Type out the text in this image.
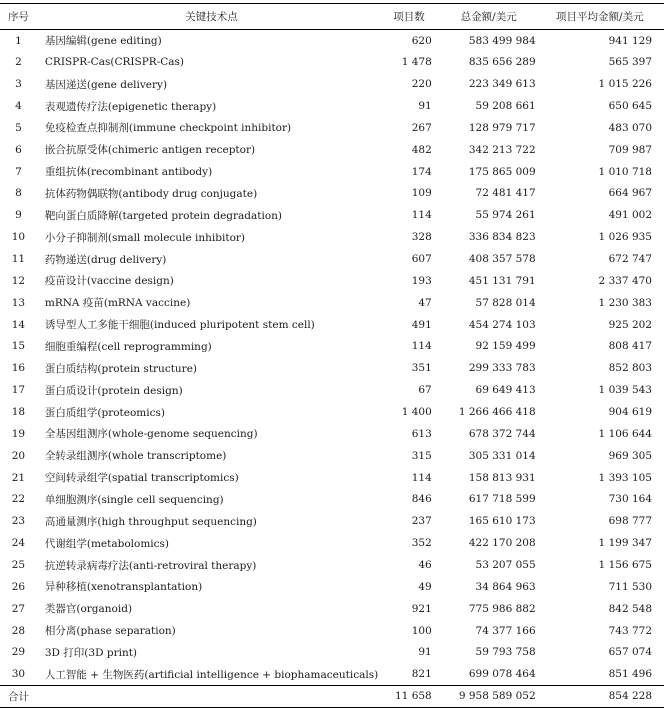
序号	关键技术点	项目数	总金额/美元	项目平均金额/美元
1	基因编辑(gene editing)	620	583 499 984	941 129
2	CRISPR-Cas(CRISPR-Cas)	1 478	835 656 289	565 397
3	基因递送(gene delivery)	220	223 349 613	1 015 226
4	表观遗传疗法(epigenetic therapy)	91	59 208 661	650 645
5	免疫检查点抑制剂(immune checkpoint inhibitor)	267	128 979 717	483 070
6	嵌合抗原受体(chimeric antigen receptor)	482	342 213 722	709 987
7	重组抗体(recombinant antibody)	174	175 865 009	1 010 718
8	抗体药物偶联物(antibody drug conjugate)	109	72 481 417	664 967
9	靶向蛋白质降解(targeted protein degradation)	114	55 974 261	491 002
10	小分子抑制剂(small molecule inhibitor)	328	336 834 823	1 026 935
11	药物递送(drug delivery)	607	408 357 578	672 747
12	疫苗设计(vaccine design)	193	451 131 791	2 337 470
13	mRNA 疫苗(mRNA vaccine)	47	57 828 014	1 230 383
14	诱导型人工多能干细胞(induced pluripotent stem cell)	491	454 274 103	925 202
15	细胞重编程(cell reprogramming)	114	92 159 499	808 417
16	蛋白质结构(protein structure)	351	299 333 783	852 803
17	蛋白质设计(protein design)	67	69 649 413	1 039 543
18	蛋白质组学(proteomics)	1 400	1 266 466 418	904 619
19	全基因组测序(whole-genome sequencing)	613	678 372 744	1 106 644
20	全转录组测序(whole transcriptome)	315	305 331 014	969 305
21	空间转录组学(spatial transcriptomics)	114	158 813 931	1 393 105
22	单细胞测序(single cell sequencing)	846	617 718 599	730 164
23	高通量测序(high throughput sequencing)	237	165 610 173	698 777
24	代谢组学(metabolomics)	352	422 170 208	1 199 347
25	抗逆转录病毒疗法(anti-retroviral therapy)	46	53 207 055	1 156 675
26	异种移植(xenotransplantation)	49	34 864 963	711 530
27	类器官(organoid)	921	775 986 882	842 548
28	相分离(phase separation)	100	74 377 166	743 772
29	3D 打印(3D print)	91	59 793 758	657 074
30	人工智能 + 生物医药(artificial intelligence + biophamaceuticals)	821	699 078 464	851 496
合计		11 658	9 958 589 052	854 228
